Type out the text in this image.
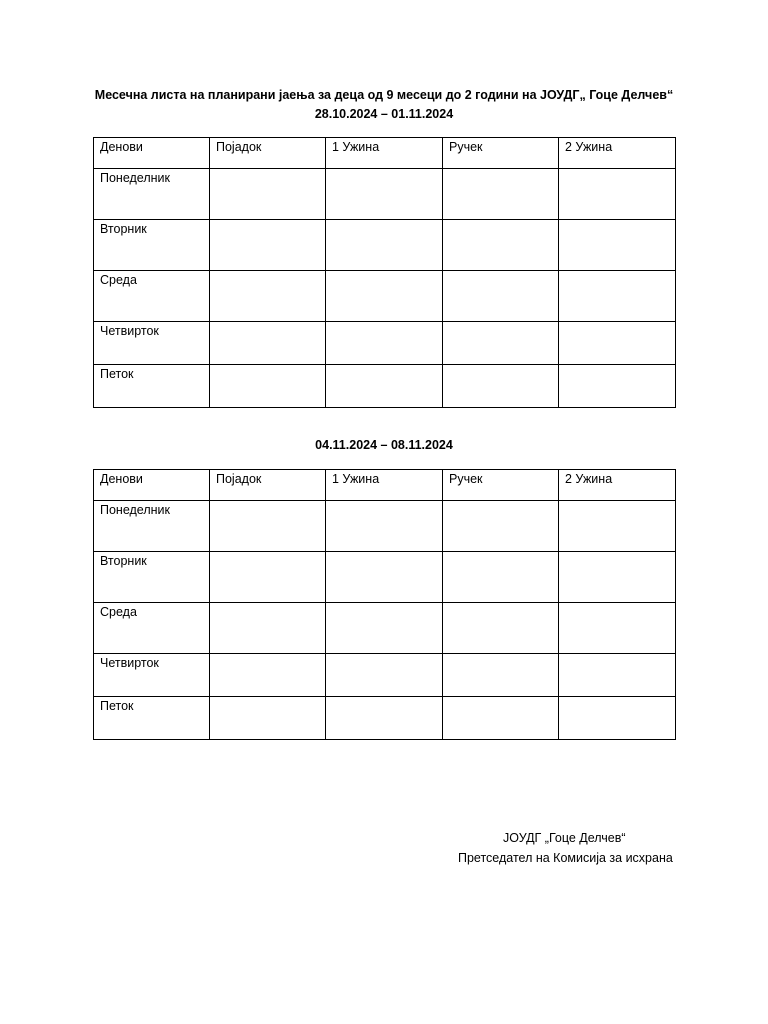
Месечна листа на планирани јаења за деца од 9 месеци до 2 години на ЈОУДГ„ Гоце Делчев“
28.10.2024 – 01.11.2024
Денови	Појадок	1 Ужина	Ручек	2 Ужина
Понеделник				
Вторник				
Среда				
Четвирток				
Петок				
04.11.2024 – 08.11.2024
Денови	Појадок	1 Ужина	Ручек	2 Ужина
Понеделник				
Вторник				
Среда				
Четвирток				
Петок				
ЈОУДГ „Гоце Делчев“
Претседател на Комисија за исхрана
